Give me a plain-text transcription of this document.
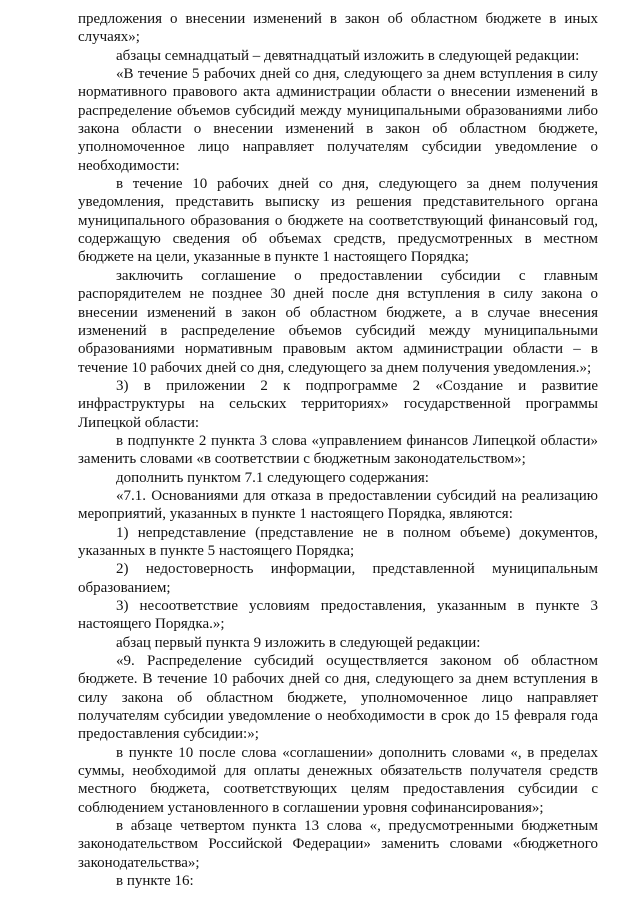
предложения о внесении изменений в закон об областном бюджете в иных случаях»;

абзацы семнадцатый – девятнадцатый изложить в следующей редакции:

«В течение 5 рабочих дней со дня, следующего за днем вступления в силу нормативного правового акта администрации области о внесении изменений в распределение объемов субсидий между муниципальными образованиями либо закона области о внесении изменений в закон об областном бюджете, уполномоченное лицо направляет получателям субсидии уведомление о необходимости:

в течение 10 рабочих дней со дня, следующего за днем получения уведомления, представить выписку из решения представительного органа муниципального образования о бюджете на соответствующий финансовый год, содержащую сведения об объемах средств, предусмотренных в местном бюджете на цели, указанные в пункте 1 настоящего Порядка;

заключить соглашение о предоставлении субсидии с главным распорядителем не позднее 30 дней после дня вступления в силу закона о внесении изменений в закон об областном бюджете, а в случае внесения изменений в распределение объемов субсидий между муниципальными образованиями нормативным правовым актом администрации области – в течение 10 рабочих дней со дня, следующего за днем получения уведомления.»;

3) в приложении 2 к подпрограмме 2 «Создание и развитие инфраструктуры на сельских территориях» государственной программы Липецкой области:

в подпункте 2 пункта 3 слова «управлением финансов Липецкой области» заменить словами «в соответствии с бюджетным законодательством»;

дополнить пунктом 7.1 следующего содержания:

«7.1. Основаниями для отказа в предоставлении субсидий на реализацию мероприятий, указанных в пункте 1 настоящего Порядка, являются:

1) непредставление (представление не в полном объеме) документов, указанных в пункте 5 настоящего Порядка;

2) недостоверность информации, представленной муниципальным образованием;

3) несоответствие условиям предоставления, указанным в пункте 3 настоящего Порядка.»;

абзац первый пункта 9 изложить в следующей редакции:

«9. Распределение субсидий осуществляется законом об областном бюджете. В течение 10 рабочих дней со дня, следующего за днем вступления в силу закона об областном бюджете, уполномоченное лицо направляет получателям субсидии уведомление о необходимости в срок до 15 февраля года предоставления субсидии:»;

в пункте 10 после слова «соглашении» дополнить словами «, в пределах суммы, необходимой для оплаты денежных обязательств получателя средств местного бюджета, соответствующих целям предоставления субсидии с соблюдением установленного в соглашении уровня софинансирования»;

в абзаце четвертом пункта 13 слова «, предусмотренными бюджетным законодательством Российской Федерации» заменить словами «бюджетного законодательства»;

в пункте 16:
